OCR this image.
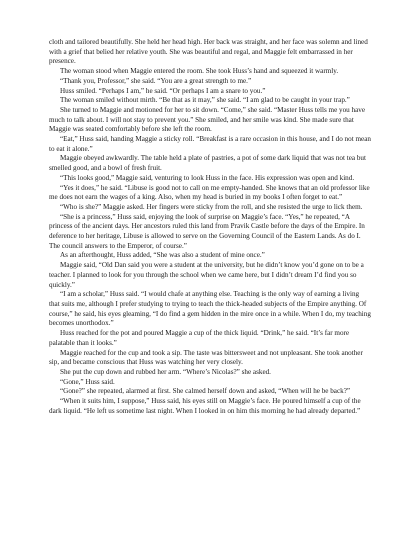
cloth and tailored beautifully. She held her head high. Her back was straight, and her face was solemn and lined with a grief that belied her relative youth. She was beautiful and regal, and Maggie felt embarrassed in her presence.

The woman stood when Maggie entered the room. She took Huss’s hand and squeezed it warmly.

“Thank you, Professor,” she said. “You are a great strength to me.”

Huss smiled. “Perhaps I am,” he said. “Or perhaps I am a snare to you.”

The woman smiled without mirth. “Be that as it may,” she said. “I am glad to be caught in your trap.”

She turned to Maggie and motioned for her to sit down. “Come,” she said. “Master Huss tells me you have much to talk about. I will not stay to prevent you.” She smiled, and her smile was kind. She made sure that Maggie was seated comfortably before she left the room.

“Eat,” Huss said, handing Maggie a sticky roll. “Breakfast is a rare occasion in this house, and I do not mean to eat it alone.”

Maggie obeyed awkwardly. The table held a plate of pastries, a pot of some dark liquid that was not tea but smelled good, and a bowl of fresh fruit.

“This looks good,” Maggie said, venturing to look Huss in the face. His expression was open and kind.

“Yes it does,” he said. “Libuse is good not to call on me empty-handed. She knows that an old professor like me does not earn the wages of a king. Also, when my head is buried in my books I often forget to eat.”

“Who is she?” Maggie asked. Her fingers were sticky from the roll, and she resisted the urge to lick them.

“She is a princess,” Huss said, enjoying the look of surprise on Maggie’s face. “Yes,” he repeated, “A princess of the ancient days. Her ancestors ruled this land from Pravik Castle before the days of the Empire. In deference to her heritage, Libuse is allowed to serve on the Governing Council of the Eastern Lands. As do I. The council answers to the Emperor, of course.”

As an afterthought, Huss added, “She was also a student of mine once.”

Maggie said, “Old Dan said you were a student at the university, but he didn’t know you’d gone on to be a teacher. I planned to look for you through the school when we came here, but I didn’t dream I’d find you so quickly.”

“I am a scholar,” Huss said. “I would chafe at anything else. Teaching is the only way of earning a living that suits me, although I prefer studying to trying to teach the thick-headed subjects of the Empire anything. Of course,” he said, his eyes gleaming, “I do find a gem hidden in the mire once in a while. When I do, my teaching becomes unorthodox.”

Huss reached for the pot and poured Maggie a cup of the thick liquid. “Drink,” he said. “It’s far more palatable than it looks.”

Maggie reached for the cup and took a sip. The taste was bittersweet and not unpleasant. She took another sip, and became conscious that Huss was watching her very closely.

She put the cup down and rubbed her arm. “Where’s Nicolas?” she asked.

“Gone,” Huss said.

“Gone?” she repeated, alarmed at first. She calmed herself down and asked, “When will he be back?”

“When it suits him, I suppose,” Huss said, his eyes still on Maggie’s face. He poured himself a cup of the dark liquid. “He left us sometime last night. When I looked in on him this morning he had already departed.”
